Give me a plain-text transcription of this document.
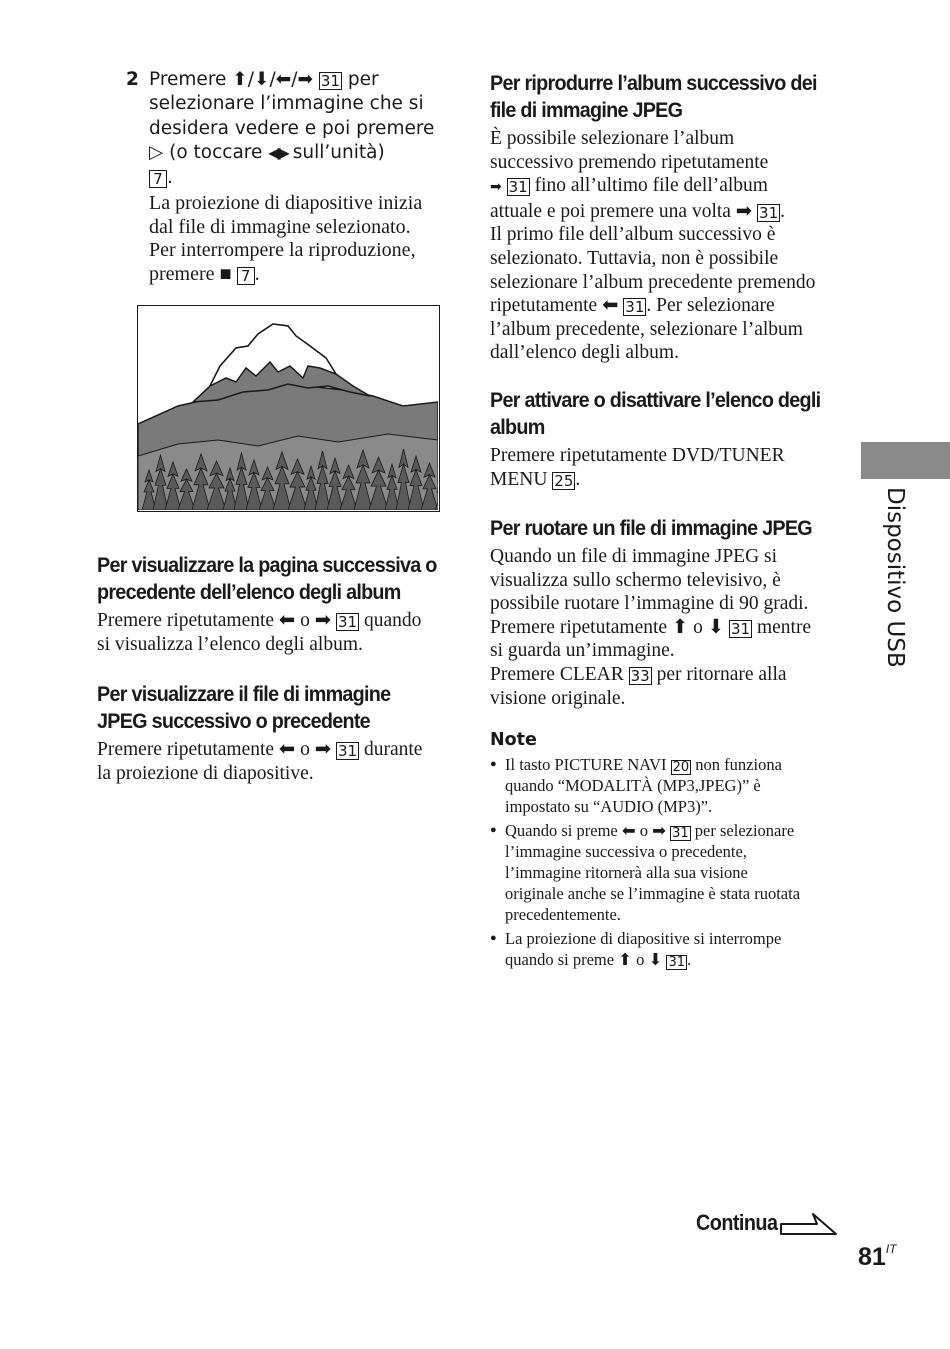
2 Premere ⬆/⬇/⬅/➡ 31 per

selezionare l’immagine che si

desidera vedere e poi premere

▷ (o toccare ◀▶ sull’unità)

7 .

La proiezione di diapositive inizia

dal file di immagine selezionato.

Per interrompere la riproduzione,

premere ■ 7 .

Per visualizzare la pagina successiva o
precedente dell’elenco degli album

Premere ripetutamente ⬅ o ➡ 31 quando

si visualizza l’elenco degli album.

Per visualizzare il file di immagine
JPEG successivo o precedente

Premere ripetutamente ⬅ o ➡ 31 durante

la proiezione di diapositive.

Per riprodurre l’album successivo dei
file di immagine JPEG

È possibile selezionare l’album

successivo premendo ripetutamente

➡ 31 fino all’ultimo file dell’album

attuale e poi premere una volta ➡ 31 .

Il primo file dell’album successivo è

selezionato. Tuttavia, non è possibile

selezionare l’album precedente premendo

ripetutamente ⬅ 31 . Per selezionare

l’album precedente, selezionare l’album

dall’elenco degli album.

Per attivare o disattivare l’elenco degli
album

Premere ripetutamente DVD/TUNER

MENU 25 .

Per ruotare un file di immagine JPEG

Quando un file di immagine JPEG si

visualizza sullo schermo televisivo, è

possibile ruotare l’immagine di 90 gradi.

Premere ripetutamente ⬆ o ⬇ 31 mentre

si guarda un’immagine.

Premere CLEAR 33 per ritornare alla

visione originale.

Note
● Il tasto PICTURE NAVI 20 non funziona
quando “MODALITÀ (MP3,JPEG)” è
impostato su “AUDIO (MP3)”.
● Quando si preme ⬅ o ➡ 31 per selezionare
l’immagine successiva o precedente,
l’immagine ritornerà alla sua visione
originale anche se l’immagine è stata ruotata
precedentemente.
● La proiezione di diapositive si interrompe
quando si preme ⬆ o ⬇ 31 .
Dispositivo USB
Continua
$81^{IT}$
